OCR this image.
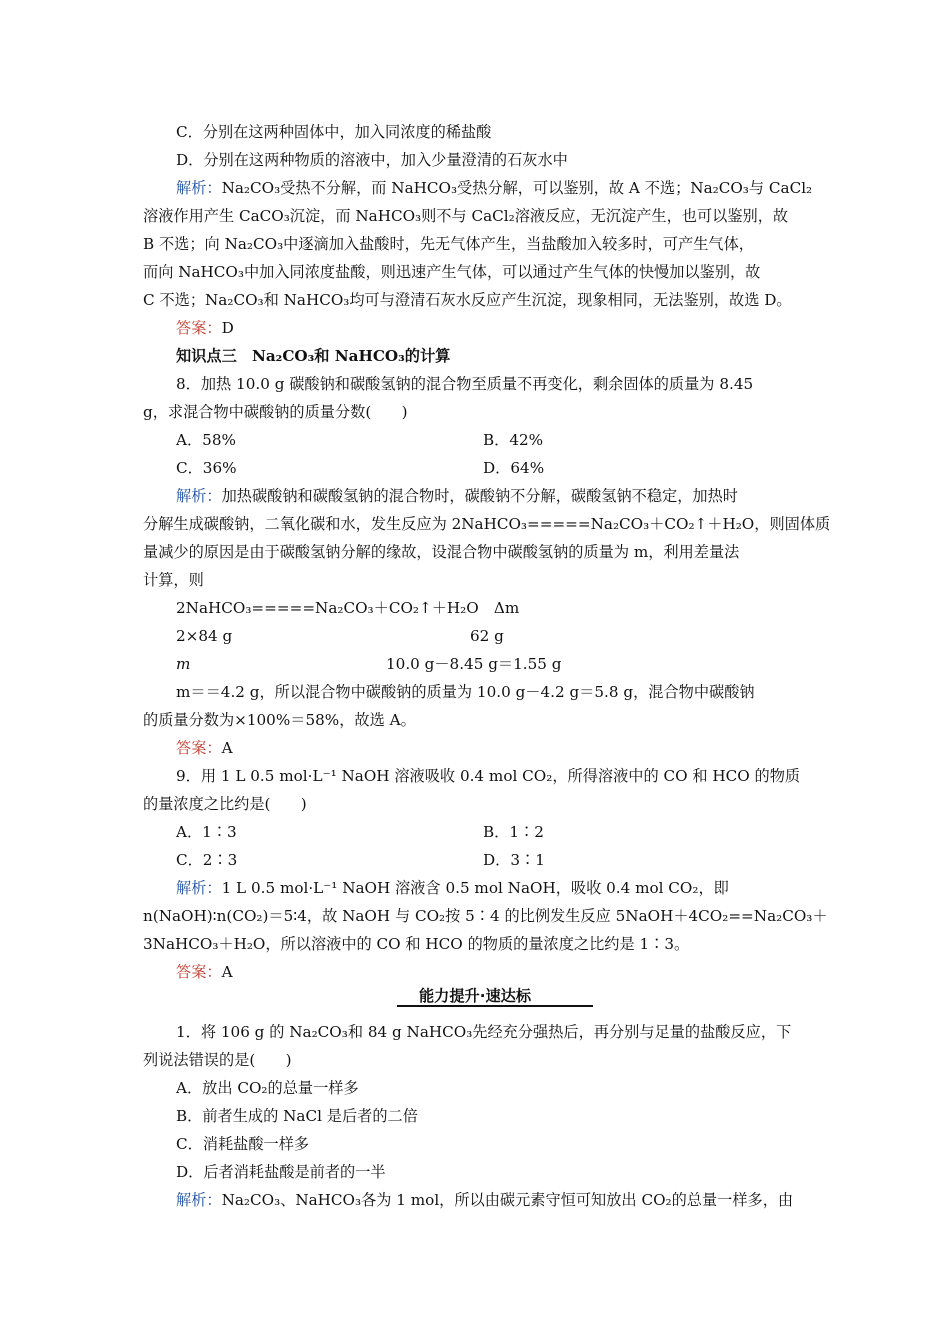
C．分别在这两种固体中，加入同浓度的稀盐酸
D．分别在这两种物质的溶液中，加入少量澄清的石灰水中
解析：Na₂CO₃受热不分解，而 NaHCO₃受热分解，可以鉴别，故 A 不选；Na₂CO₃与 CaCl₂
溶液作用产生 CaCO₃沉淀，而 NaHCO₃则不与 CaCl₂溶液反应，无沉淀产生，也可以鉴别，故
B 不选；向 Na₂CO₃中逐滴加入盐酸时，先无气体产生，当盐酸加入较多时，可产生气体，
而向 NaHCO₃中加入同浓度盐酸，则迅速产生气体，可以通过产生气体的快慢加以鉴别，故
C 不选；Na₂CO₃和 NaHCO₃均可与澄清石灰水反应产生沉淀，现象相同，无法鉴别，故选 D。
答案：D
知识点三　Na₂CO₃和 NaHCO₃的计算
8．加热 10.0 g 碳酸钠和碳酸氢钠的混合物至质量不再变化，剩余固体的质量为 8.45
g，求混合物中碳酸钠的质量分数(　　)
A．58%	B．42%
C．36%	D．64%
解析：加热碳酸钠和碳酸氢钠的混合物时，碳酸钠不分解，碳酸氢钠不稳定，加热时
分解生成碳酸钠，二氧化碳和水，发生反应为 2NaHCO₃=====Na₂CO₃＋CO₂↑＋H₂O，则固体质
量减少的原因是由于碳酸氢钠分解的缘故，设混合物中碳酸氢钠的质量为 m，利用差量法
计算，则
2NaHCO₃=====Na₂CO₃＋CO₂↑＋H₂O　Δm
2×84 g	62 g
m	10.0 g－8.45 g＝1.55 g
m＝＝4.2 g，所以混合物中碳酸钠的质量为 10.0 g－4.2 g＝5.8 g，混合物中碳酸钠
的质量分数为×100%＝58%，故选 A。
答案：A
9．用 1 L 0.5 mol·L⁻¹ NaOH 溶液吸收 0.4 mol CO₂，所得溶液中的 CO 和 HCO 的物质
的量浓度之比约是(　　)
A．1∶3	B．1∶2
C．2∶3	D．3∶1
解析：1 L 0.5 mol·L⁻¹ NaOH 溶液含 0.5 mol NaOH，吸收 0.4 mol CO₂，即
n(NaOH)∶n(CO₂)＝5∶4，故 NaOH 与 CO₂按 5∶4 的比例发生反应 5NaOH＋4CO₂==Na₂CO₃＋
3NaHCO₃＋H₂O，所以溶液中的 CO 和 HCO 的物质的量浓度之比约是 1∶3。
答案：A
能力提升·速达标
1．将 106 g 的 Na₂CO₃和 84 g NaHCO₃先经充分强热后，再分别与足量的盐酸反应，下
列说法错误的是(　　)
A．放出 CO₂的总量一样多
B．前者生成的 NaCl 是后者的二倍
C．消耗盐酸一样多
D．后者消耗盐酸是前者的一半
解析：Na₂CO₃、NaHCO₃各为 1 mol，所以由碳元素守恒可知放出 CO₂的总量一样多，由
